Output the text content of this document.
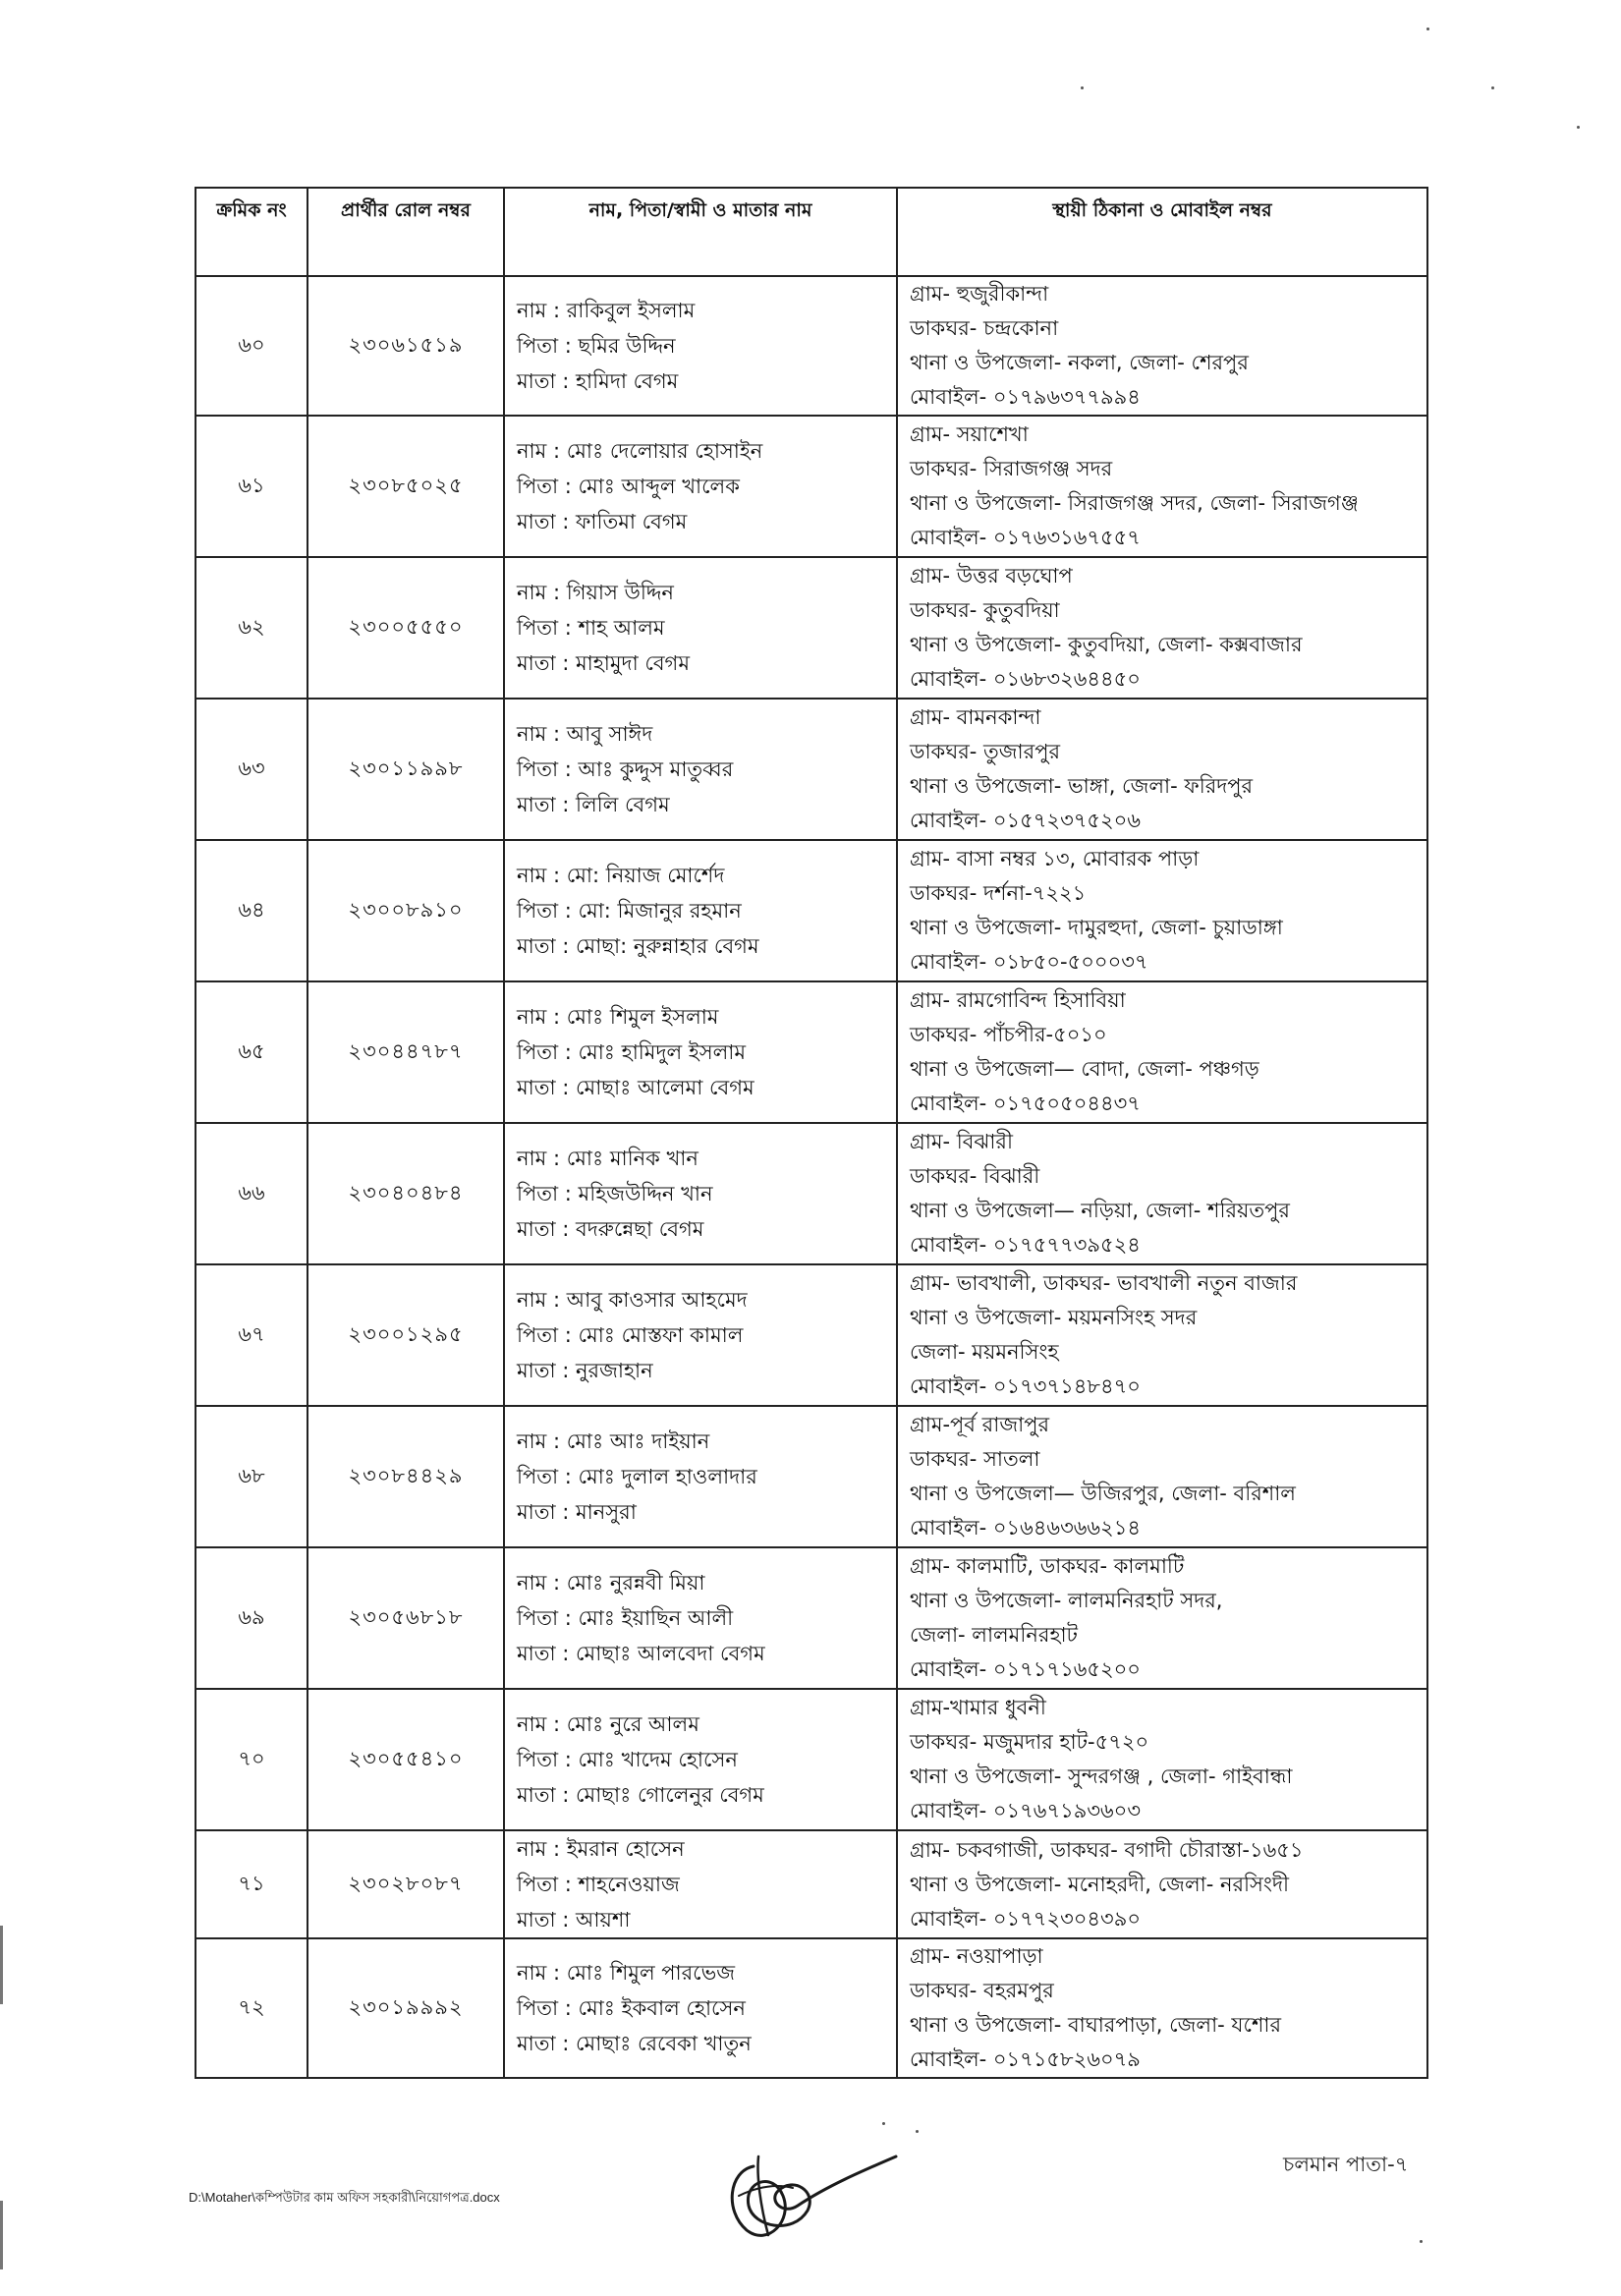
ক্রমিক নং	প্রার্থীর রোল নম্বর	নাম, পিতা/স্বামী ও মাতার নাম	স্থায়ী ঠিকানা ও মোবাইল নম্বর
৬০	২৩০৬১৫১৯	নাম : রাকিবুল ইসলাম
পিতা : ছমির উদ্দিন
মাতা : হামিদা বেগম	গ্রাম- হুজুরীকান্দা
ডাকঘর- চন্দ্রকোনা
থানা ও উপজেলা- নকলা, জেলা- শেরপুর
মোবাইল- ০১৭৯৬৩৭৭৯৯৪

৬১	২৩০৮৫০২৫	নাম : মোঃ দেলোয়ার হোসাইন
পিতা : মোঃ আব্দুল খালেক
মাতা : ফাতিমা বেগম	গ্রাম- সয়াশেখা
ডাকঘর- সিরাজগঞ্জ সদর
থানা ও উপজেলা- সিরাজগঞ্জ সদর, জেলা- সিরাজগঞ্জ
মোবাইল- ০১৭৬৩১৬৭৫৫৭

৬২	২৩০০৫৫৫০	নাম : গিয়াস উদ্দিন
পিতা : শাহ আলম
মাতা : মাহামুদা বেগম	গ্রাম- উত্তর বড়ঘোপ
ডাকঘর- কুতুবদিয়া
থানা ও উপজেলা- কুতুবদিয়া, জেলা- কক্সবাজার
মোবাইল- ০১৬৮৩২৬৪৪৫০

৬৩	২৩০১১৯৯৮	নাম : আবু সাঈদ
পিতা : আঃ কুদ্দুস মাতুব্বর
মাতা : লিলি বেগম	গ্রাম- বামনকান্দা
ডাকঘর- তুজারপুর
থানা ও উপজেলা- ভাঙ্গা, জেলা- ফরিদপুর
মোবাইল- ০১৫৭২৩৭৫২০৬

৬৪	২৩০০৮৯১০	নাম : মো: নিয়াজ মোর্শেদ
পিতা : মো: মিজানুর রহমান
মাতা : মোছা: নুরুন্নাহার বেগম	গ্রাম- বাসা নম্বর ১৩, মোবারক পাড়া
ডাকঘর- দর্শনা-৭২২১
থানা ও উপজেলা- দামুরহুদা, জেলা- চুয়াডাঙ্গা
মোবাইল- ০১৮৫০-৫০০০৩৭

৬৫	২৩০৪৪৭৮৭	নাম : মোঃ শিমুল ইসলাম
পিতা : মোঃ হামিদুল ইসলাম
মাতা : মোছাঃ আলেমা বেগম	গ্রাম- রামগোবিন্দ হিসাবিয়া
ডাকঘর- পাঁচপীর-৫০১০
থানা ও উপজেলা— বোদা, জেলা- পঞ্চগড়
মোবাইল- ০১৭৫০৫০৪৪৩৭

৬৬	২৩০৪০৪৮৪	নাম : মোঃ মানিক খান
পিতা : মহিজউদ্দিন খান
মাতা : বদরুন্নেছা বেগম	গ্রাম- বিঝারী
ডাকঘর- বিঝারী
থানা ও উপজেলা— নড়িয়া, জেলা- শরিয়তপুর
মোবাইল- ০১৭৫৭৭৩৯৫২৪

৬৭	২৩০০১২৯৫	নাম : আবু কাওসার আহমেদ
পিতা : মোঃ মোস্তফা কামাল
মাতা : নুরজাহান	গ্রাম- ভাবখালী, ডাকঘর- ভাবখালী নতুন বাজার
থানা ও উপজেলা- ময়মনসিংহ সদর
জেলা- ময়মনসিংহ
মোবাইল- ০১৭৩৭১৪৮৪৭০

৬৮	২৩০৮৪৪২৯	নাম : মোঃ আঃ দাইয়ান
পিতা : মোঃ দুলাল হাওলাদার
মাতা : মানসুরা	গ্রাম-পূর্ব রাজাপুর
ডাকঘর- সাতলা
থানা ও উপজেলা— উজিরপুর, জেলা- বরিশাল
মোবাইল- ০১৬৪৬৩৬৬২১৪

৬৯	২৩০৫৬৮১৮	নাম : মোঃ নুরন্নবী মিয়া
পিতা : মোঃ ইয়াছিন আলী
মাতা : মোছাঃ আলবেদা বেগম	গ্রাম- কালমাটি, ডাকঘর- কালমাটি
থানা ও উপজেলা- লালমনিরহাট সদর,
জেলা- লালমনিরহাট
মোবাইল- ০১৭১৭১৬৫২০০

৭০	২৩০৫৫৪১০	নাম : মোঃ নুরে আলম
পিতা : মোঃ খাদেম হোসেন
মাতা : মোছাঃ গোলেনুর বেগম	গ্রাম-খামার ধুবনী
ডাকঘর- মজুমদার হাট-৫৭২০
থানা ও উপজেলা- সুন্দরগঞ্জ , জেলা- গাইবান্ধা
মোবাইল- ০১৭৬৭১৯৩৬০৩

৭১	২৩০২৮০৮৭	নাম : ইমরান হোসেন
পিতা : শাহনেওয়াজ
মাতা : আয়শা	গ্রাম- চকবগাজী, ডাকঘর- বগাদী চৌরাস্তা-১৬৫১
থানা ও উপজেলা- মনোহরদী, জেলা- নরসিংদী
মোবাইল- ০১৭৭২৩০৪৩৯০

৭২	২৩০১৯৯৯২	নাম : মোঃ শিমুল পারভেজ
পিতা : মোঃ ইকবাল হোসেন
মাতা : মোছাঃ রেবেকা খাতুন	গ্রাম- নওয়াপাড়া
ডাকঘর- বহরমপুর
থানা ও উপজেলা- বাঘারপাড়া, জেলা- যশোর
মোবাইল- ০১৭১৫৮২৬০৭৯
D:\Motaher\কম্পিউটার কাম অফিস সহকারী\নিয়োগপত্র.docx
চলমান পাতা-৭
